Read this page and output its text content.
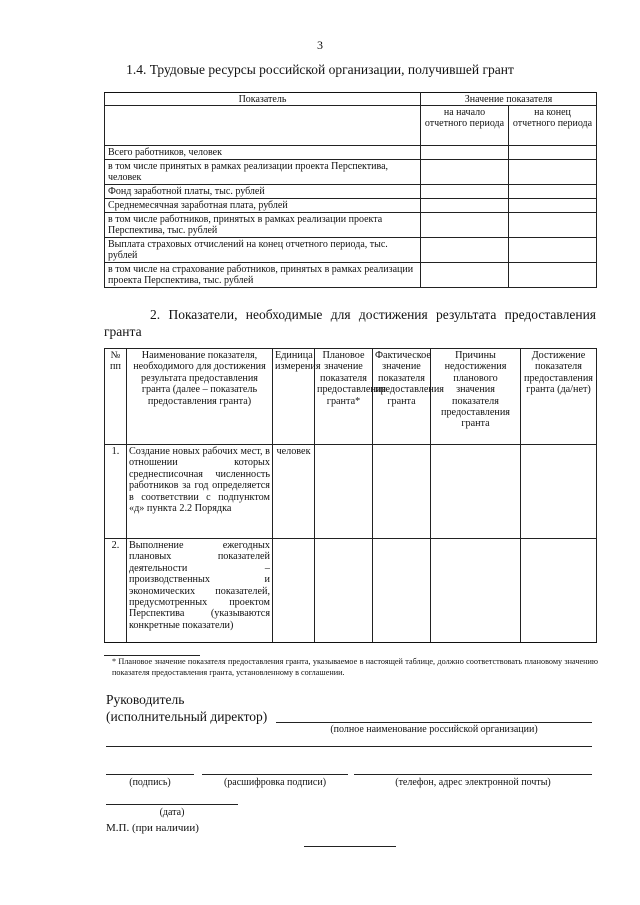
3
1.4. Трудовые ресурсы российской организации, получившей грант
Показатель	Значение показателя	
	на начало отчетного периода	на конец отчетного периода
Всего работников, человек		
в том числе принятых в рамках реализации проекта Перспектива, человек		
Фонд заработной платы, тыс. рублей		
Среднемесячная заработная плата, рублей		
в том числе работников, принятых в рамках реализации проекта Перспектива, тыс. рублей		
Выплата страховых отчислений на конец отчетного периода, тыс. рублей		
в том числе на страхование работников, принятых в рамках реализации проекта Перспектива, тыс. рублей		
2. Показатели, необходимые для достижения результата предоставления гранта
№ пп	Наименование показателя, необходимого для достижения результата предоставления гранта (далее – показатель предоставления гранта)	Единица измерения	Плановое значение показателя предоставления гранта*	Фактическое значение показателя предоставления гранта	Причины недостижения планового значения показателя предоставления гранта	Достижение показателя предоставления гранта (да/нет)
1.	Создание новых рабочих мест, в отношении которых среднесписочная численность работников за год определяется в соответствии с подпунктом «д» пункта 2.2 Порядка	человек				
2.	Выполнение ежегодных плановых показателей деятельности – производственных и экономических показателей, предусмотренных проектом Перспектива (указываются конкретные показатели)					
* Плановое значение показателя предоставления гранта, указываемое в настоящей таблице, должно соответствовать плановому значению показателя предоставления гранта, установленному в соглашении.
Руководитель
(исполнительный директор)
(полное наименование российской организации)
(подпись)	(расшифровка подписи)	(телефон, адрес электронной почты)
(дата)
М.П. (при наличии)
